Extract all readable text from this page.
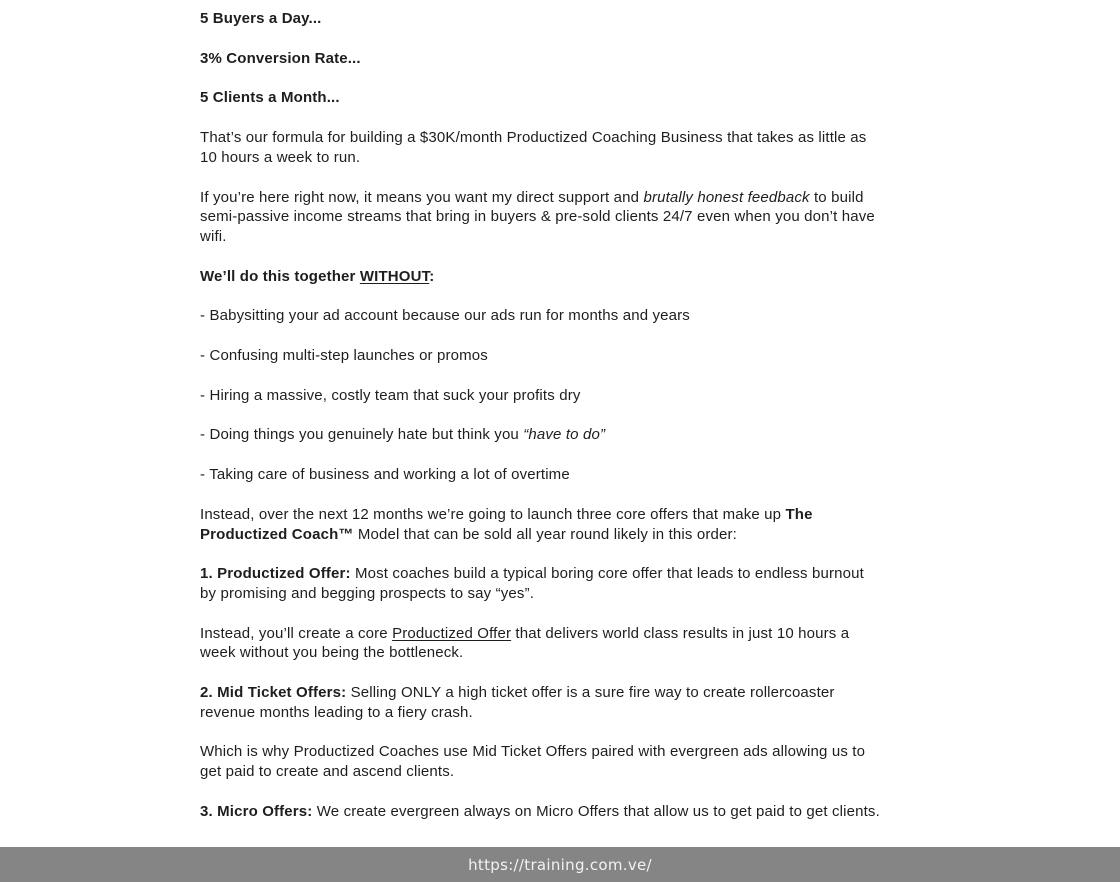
5 Buyers a Day...

3% Conversion Rate...

5 Clients a Month...

That’s our formula for building a $30K/month Productized Coaching Business that takes as little as 10 hours a week to run.

If you’re here right now, it means you want my direct support and brutally honest feedback to build semi-passive income streams that bring in buyers & pre-sold clients 24/7 even when you don’t have wifi.

We’ll do this together WITHOUT:

- Babysitting your ad account because our ads run for months and years

- Confusing multi-step launches or promos

- Hiring a massive, costly team that suck your profits dry

- Doing things you genuinely hate but think you “have to do”

- Taking care of business and working a lot of overtime

Instead, over the next 12 months we’re going to launch three core offers that make up The Productized Coach™ Model that can be sold all year round likely in this order:

1. Productized Offer: Most coaches build a typical boring core offer that leads to endless burnout by promising and begging prospects to say “yes”.

Instead, you’ll create a core Productized Offer that delivers world class results in just 10 hours a week without you being the bottleneck.

2. Mid Ticket Offers: Selling ONLY a high ticket offer is a sure fire way to create rollercoaster revenue months leading to a fiery crash.

Which is why Productized Coaches use Mid Ticket Offers paired with evergreen ads allowing us to get paid to create and ascend clients.

3. Micro Offers: We create evergreen always on Micro Offers that allow us to get paid to get clients.

https://training.com.ve/
